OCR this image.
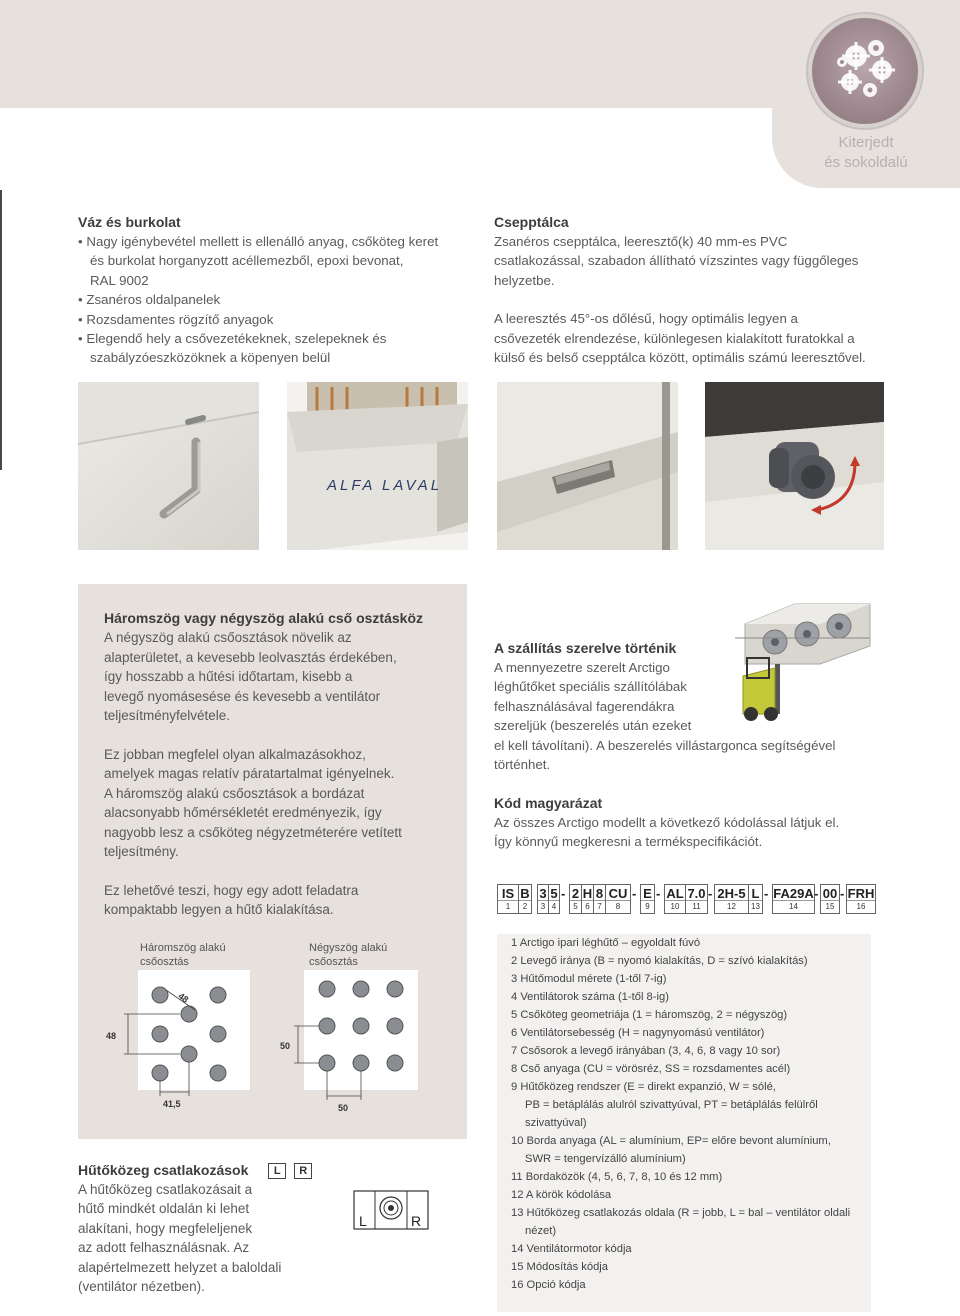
Kiterjedt
és sokoldalú
Váz és burkolat
• Nagy igénybevétel mellett is ellenálló anyag, csőköteg keret
és burkolat horganyzott acéllemezből, epoxi bevonat,
RAL 9002
• Zsanéros oldalpanelek
• Rozsdamentes rögzítő anyagok
• Elegendő hely a csővezetékeknek, szelepeknek és
szabályzóeszközöknek a köpenyen belül
Csepptálca
Zsanéros csepptálca, leeresztő(k) 40 mm-es PVC
csatlakozással, szabadon állítható vízszintes vagy függőleges
helyzetbe.
A leeresztés 45°-os dőlésű, hogy optimális legyen a
csővezeték elrendezése, különlegesen kialakított furatokkal a
külső és belső csepptálca között, optimális számú leeresztővel.
ALFA LAVAL
Háromszög vagy négyszög alakú cső osztásköz
A négyszög alakú csőosztások növelik az
alapterületet, a kevesebb leolvasztás érdekében,
így hosszabb a hűtési időtartam, kisebb a
levegő nyomásesése és kevesebb a ventilátor
teljesítményfelvétele.
Ez jobban megfelel olyan alkalmazásokhoz,
amelyek magas relatív páratartalmat igényelnek.
A háromszög alakú csőosztások a bordázat
alacsonyabb hőmérsékletét eredményezik, így
nagyobb lesz a csőköteg négyzetméterére vetített
teljesítmény.
Ez lehetővé teszi, hogy egy adott feladatra
kompaktabb legyen a hűtő kialakítása.
Háromszög alakú
csőosztás
Négyszög alakú
csőosztás
48
48
41,5
50
50
A szállítás szerelve történik
A mennyezetre szerelt Arctigo
léghűtőket speciális szállítólábak
felhasználásával fagerendákra
szereljük (beszerelés után ezeket
el kell távolítani). A beszerelés villástargonca segítségével
történhet.
Kód magyarázat
Az összes Arctigo modellt a következő kódolással látjuk el.
Így könnyű megkeresni a termékspecifikációt.
IS
1
B
2
3
3
5
4
- 2
5
H
6
8
7
CU
8
- E
9
- AL
10
7.0
11
- 2H-5
12
L
13
- FA29A
14
- 00
15
- FRH
16
1 Arctigo ipari léghűtő – egyoldalt fúvó
2 Levegő iránya (B = nyomó kialakítás, D = szívó kialakítás)
3 Hűtőmodul mérete (1-től 7-ig)
4 Ventilátorok száma (1-től 8-ig)
5 Csőköteg geometriája (1 = háromszög, 2 = négyszög)
6 Ventilátorsebesség (H = nagynyomású ventilátor)
7 Csősorok a levegő irányában (3, 4, 6, 8 vagy 10 sor)
8 Cső anyaga (CU = vörösréz, SS = rozsdamentes acél)
9 Hűtőközeg rendszer (E = direkt expanzió, W = sólé,
PB = betáplálás alulról szivattyúval, PT = betáplálás felülről
szivattyúval)
10 Borda anyaga (AL = alumínium, EP= előre bevont alumínium,
SWR = tengervízálló alumínium)
11 Bordaközök (4, 5, 6, 7, 8, 10 és 12 mm)
12 A körök kódolása
13 Hűtőközeg csatlakozás oldala (R = jobb, L = bal – ventilátor oldali
nézet)
14 Ventilátormotor kódja
15 Módosítás kódja
16 Opció kódja
Hűtőközeg csatlakozások L R
A hűtőközeg csatlakozásait a
hűtő mindkét oldalán ki lehet
alakítani, hogy megfeleljenek
az adott felhasználásnak. Az
alapértelmezett helyzet a baloldali
(ventilátor nézetben).
L	R
